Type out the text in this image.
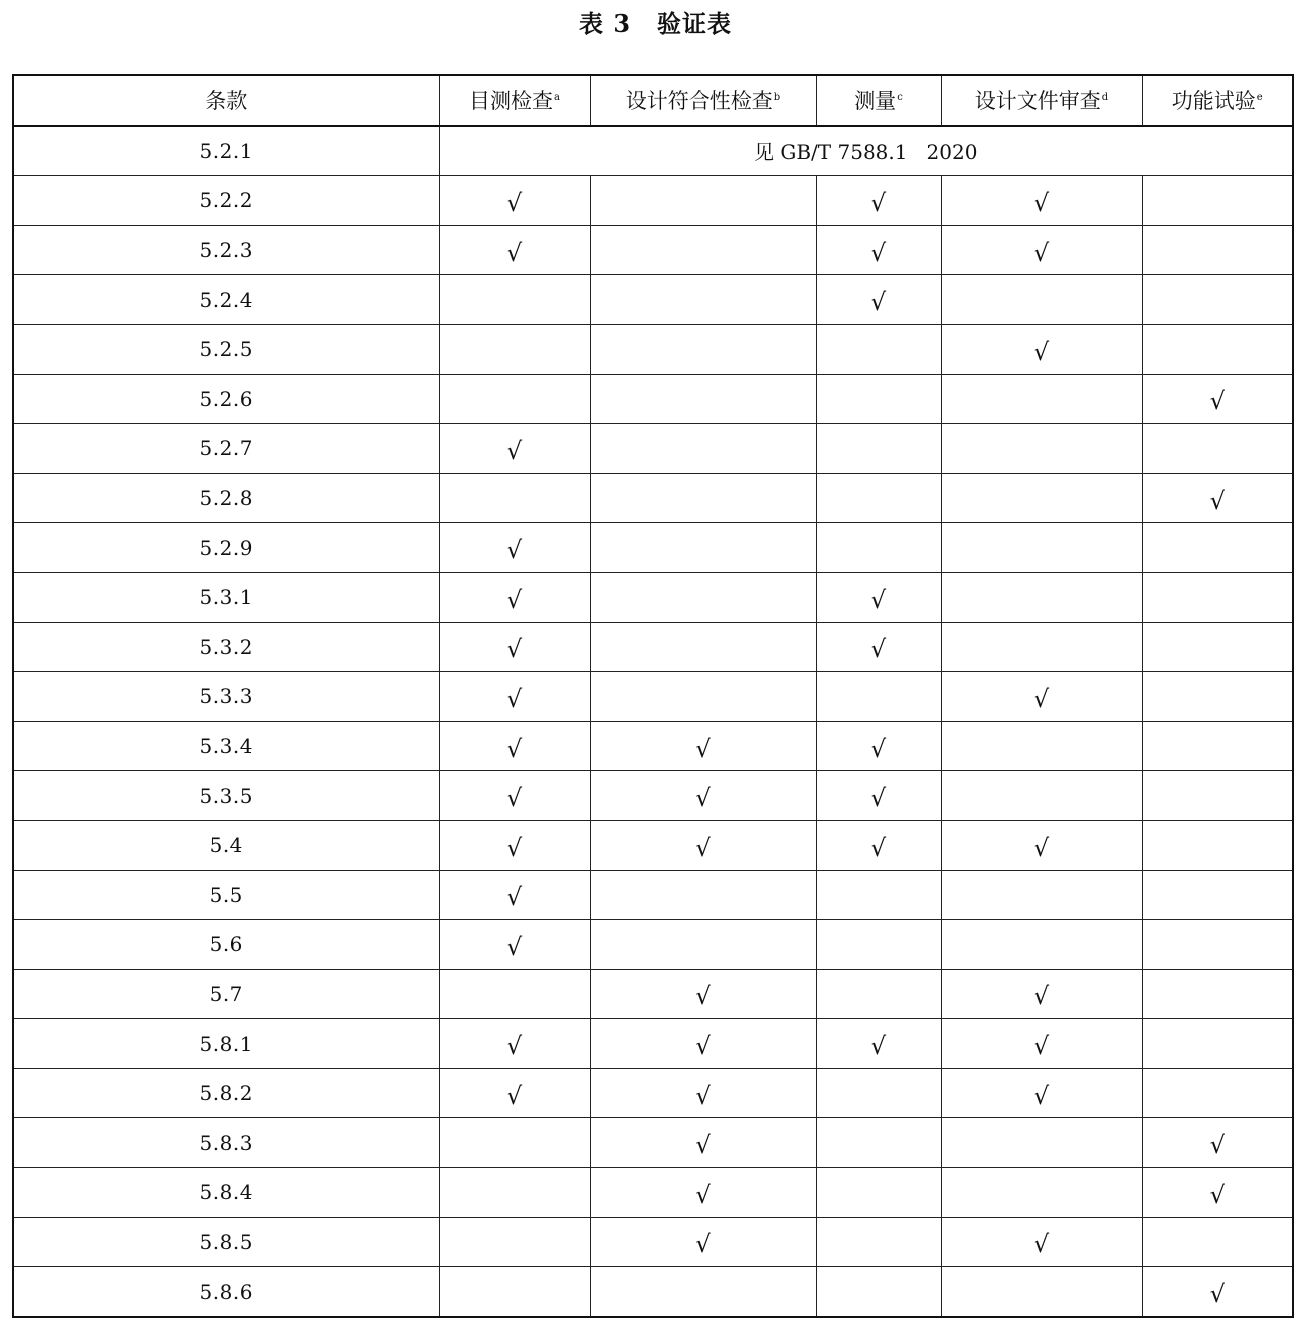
表 3 验证表
条款	目测检查$^a$	设计符合性检查$^b$	测量$^c$	设计文件审查$^d$	功能试验$^e$
5.2.1	见 GB/T 7588.1   2020				
5.2.2	√		√	√	
5.2.3	√		√	√	
5.2.4			√		
5.2.5				√	
5.2.6					√
5.2.7	√				
5.2.8					√
5.2.9	√				
5.3.1	√		√		
5.3.2	√		√		
5.3.3	√			√	
5.3.4	√	√	√		
5.3.5	√	√	√		
5.4	√	√	√	√	
5.5	√				
5.6	√				
5.7		√		√	
5.8.1	√	√	√	√	
5.8.2	√	√		√	
5.8.3		√			√
5.8.4		√			√
5.8.5		√		√	
5.8.6					√
